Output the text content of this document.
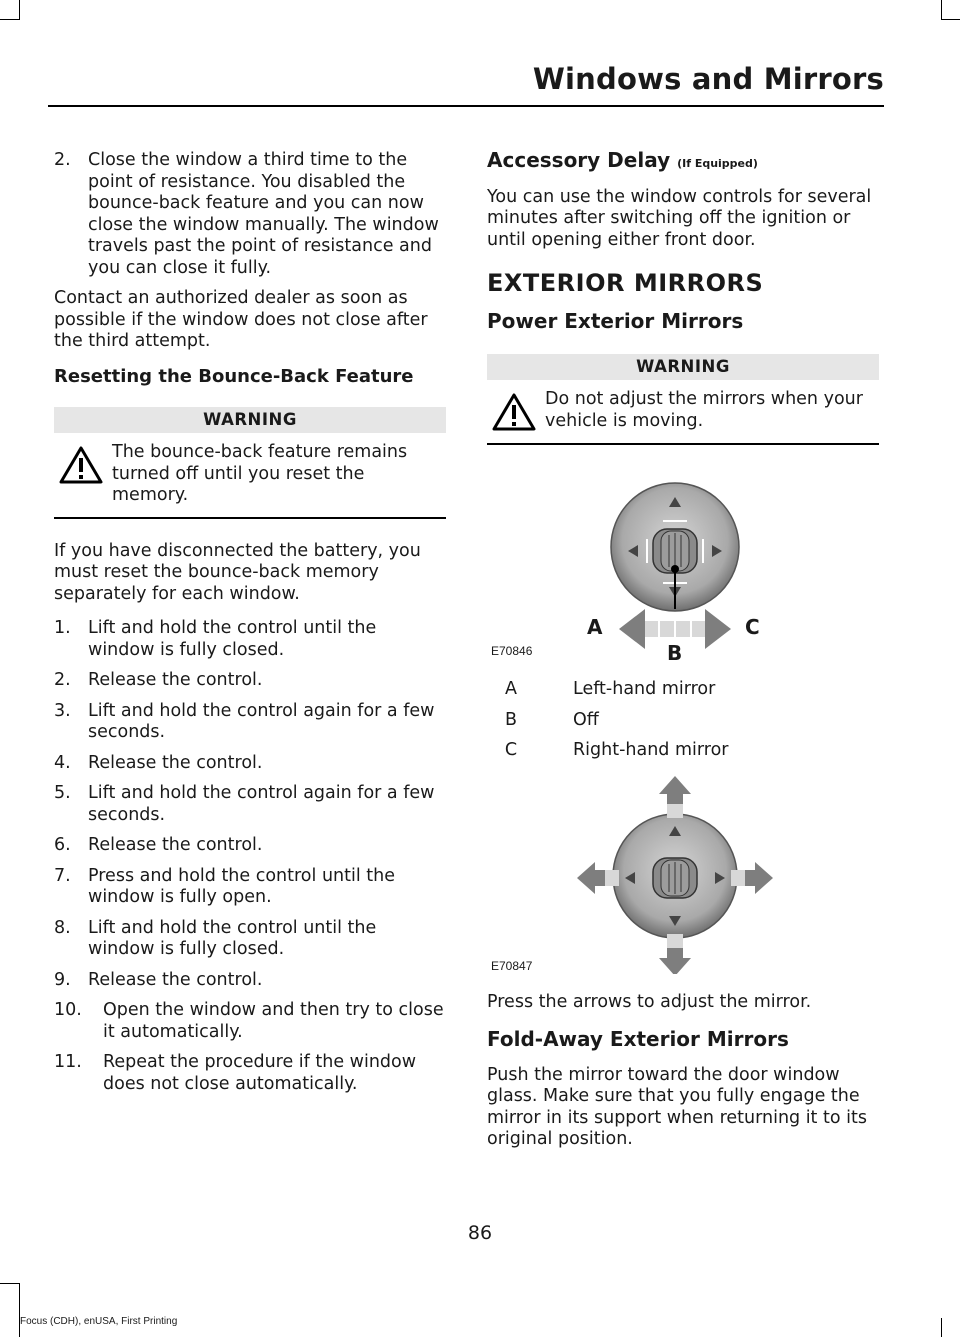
Windows and Mirrors
2. Close the window a third time to the point of resistance. You disabled the bounce-back feature and you can now close the window manually. The window travels past the point of resistance and you can close it fully.

Contact an authorized dealer as soon as possible if the window does not close after the third attempt.

Resetting the Bounce-Back Feature
WARNING
The bounce-back feature remains turned off until you reset the memory.

If you have disconnected the battery, you must reset the bounce-back memory separately for each window.

1. Lift and hold the control until the window is fully closed.
2. Release the control.
3. Lift and hold the control again for a few seconds.
4. Release the control.
5. Lift and hold the control again for a few seconds.
6. Release the control.
7. Press and hold the control until the window is fully open.
8. Lift and hold the control until the window is fully closed.
9. Release the control.
10. Open the window and then try to close it automatically.
11. Repeat the procedure if the window does not close automatically.
Accessory Delay (If Equipped)

You can use the window controls for several minutes after switching off the ignition or until opening either front door.

EXTERIOR MIRRORS
Power Exterior Mirrors
WARNING
Do not adjust the mirrors when your vehicle is moving.
A
B
C
E70846
A	Left-hand mirror
B	Off
C	Right-hand mirror
E70847

Press the arrows to adjust the mirror.

Fold-Away Exterior Mirrors

Push the mirror toward the door window glass. Make sure that you fully engage the mirror in its support when returning it to its original position.

86
Focus (CDH), enUSA, First Printing
